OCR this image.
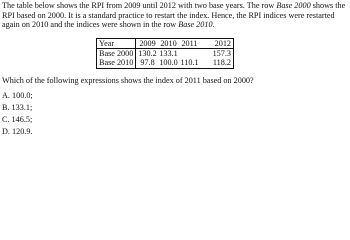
The table below shows the RPI from 2009 until 2012 with two base years. The row Base 2000 shows the RPI based on 2000. It is a standard practice to restart the index. Hence, the RPI indices were restarted again on 2010 and the indices were shown in the row Base 2010.

Year	2009	2010	2011	2012
Base 2000	130.2	133.1		157.3
Base 2010	97.8	100.0	110.1	118.2

Which of the following expressions shows the index of 2011 based on 2000?

A. 100.0;
B. 133.1;
C. 146.5;
D. 120.9.
